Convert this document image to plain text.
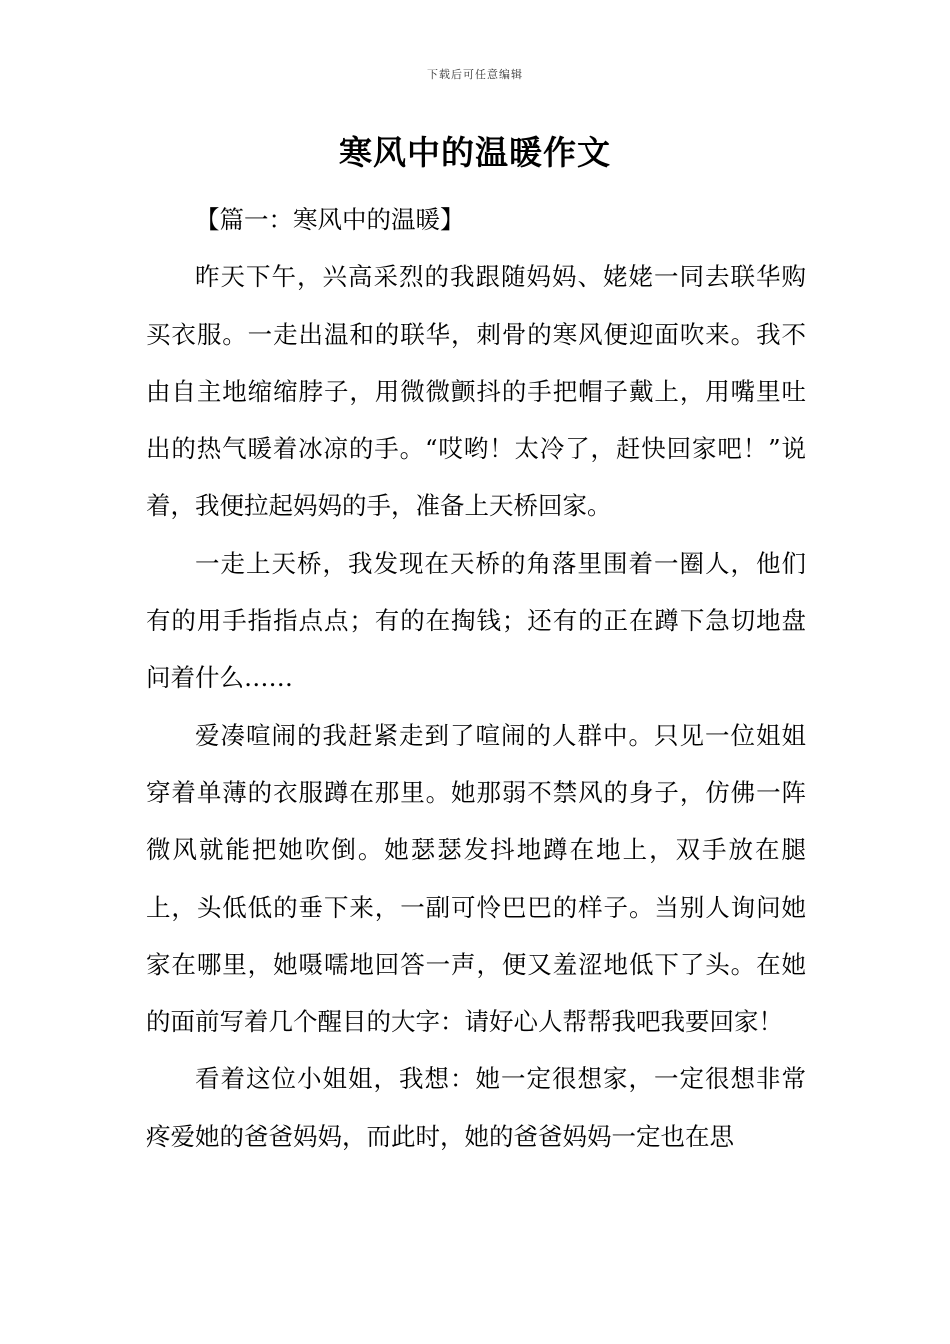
下载后可任意编辑
寒风中的温暖作文

【篇一：寒风中的温暖】

昨天下午，兴高采烈的我跟随妈妈、姥姥一同去联华购买衣服。一走出温和的联华，刺骨的寒风便迎面吹来。我不由自主地缩缩脖子，用微微颤抖的手把帽子戴上，用嘴里吐出的热气暖着冰凉的手。“哎哟！太冷了，赶快回家吧！”说着，我便拉起妈妈的手，准备上天桥回家。

一走上天桥，我发现在天桥的角落里围着一圈人，他们有的用手指指点点；有的在掏钱；还有的正在蹲下急切地盘问着什么……

爱凑喧闹的我赶紧走到了喧闹的人群中。只见一位姐姐穿着单薄的衣服蹲在那里。她那弱不禁风的身子，仿佛一阵微风就能把她吹倒。她瑟瑟发抖地蹲在地上，双手放在腿上，头低低的垂下来，一副可怜巴巴的样子。当别人询问她家在哪里，她嗫嚅地回答一声，便又羞涩地低下了头。在她的面前写着几个醒目的大字：请好心人帮帮我吧我要回家！

看着这位小姐姐，我想：她一定很想家，一定很想非常疼爱她的爸爸妈妈，而此时，她的爸爸妈妈一定也在思
